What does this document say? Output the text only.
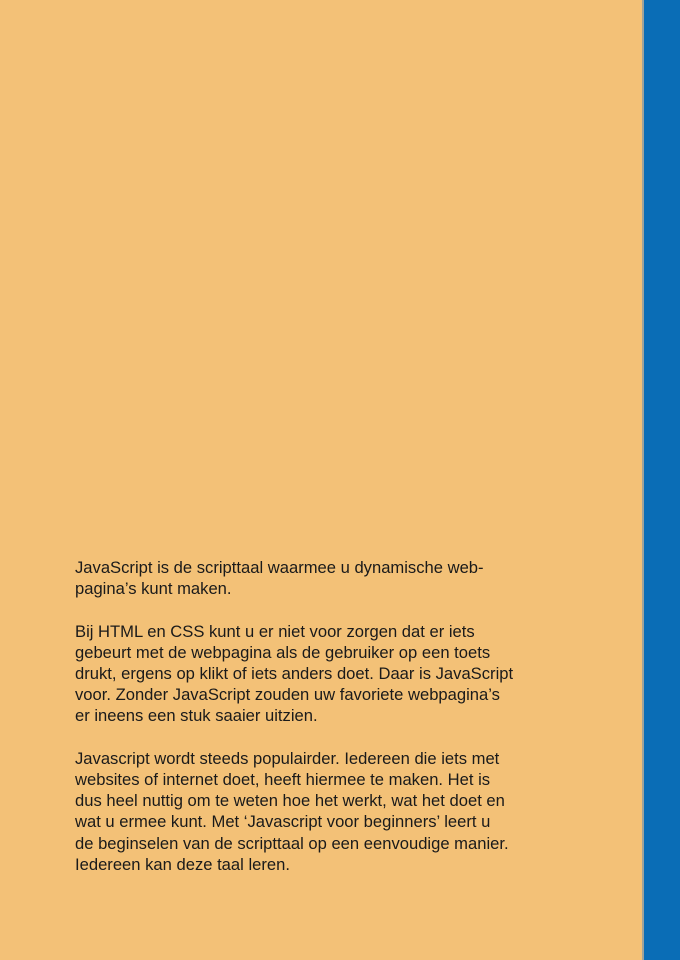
JavaScript is de scripttaal waarmee u dynamische web-
pagina’s kunt maken.

Bij HTML en CSS kunt u er niet voor zorgen dat er iets
gebeurt met de webpagina als de gebruiker op een toets
drukt, ergens op klikt of iets anders doet. Daar is JavaScript
voor. Zonder JavaScript zouden uw favoriete webpagina’s
er ineens een stuk saaier uitzien.

Javascript wordt steeds populairder. Iedereen die iets met
websites of internet doet, heeft hiermee te maken. Het is
dus heel nuttig om te weten hoe het werkt, wat het doet en
wat u ermee kunt. Met ‘Javascript voor beginners’ leert u
de beginselen van de scripttaal op een eenvoudige manier.
Iedereen kan deze taal leren.
